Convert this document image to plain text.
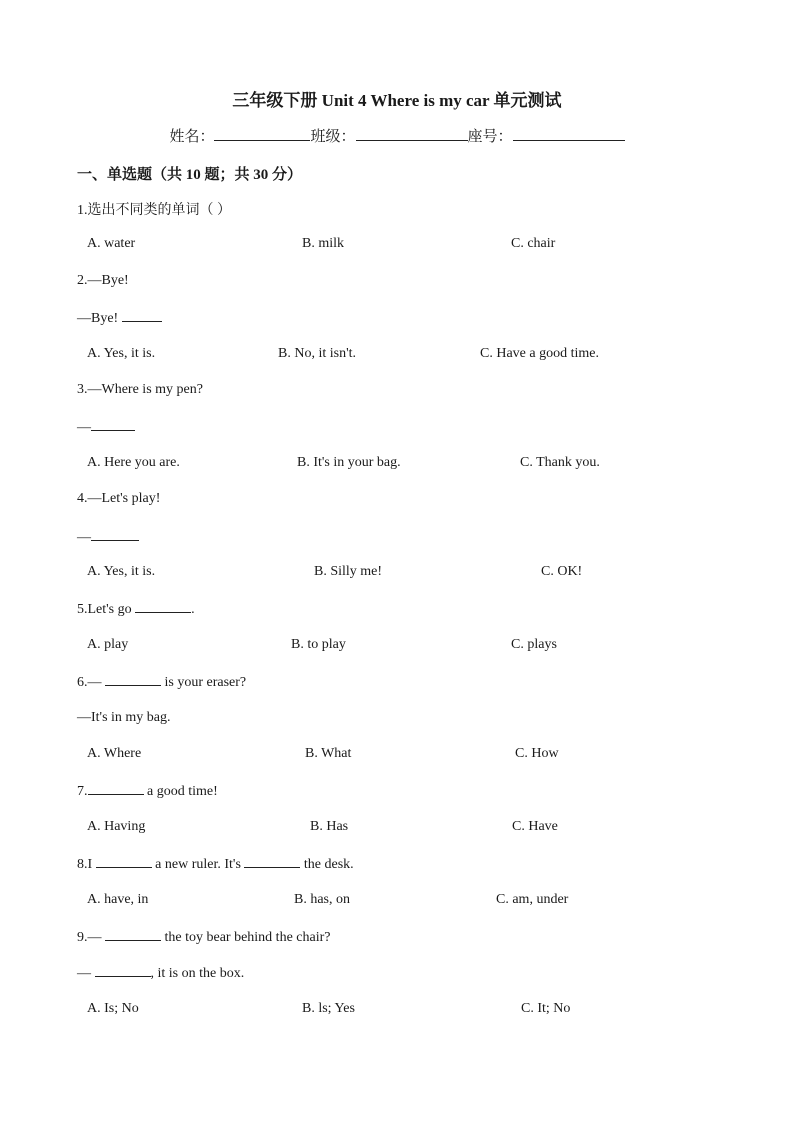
三年级下册 Unit 4 Where is my car 单元测试
姓名：	班级：	座号：
一、单选题（共 10 题；共 30 分）
1.选出不同类的单词（ ）
A. water	B. milk	C. chair
2.—Bye!
—Bye!
A. Yes, it is.	B. No, it isn't.	C. Have a good time.
3.—Where is my pen?
—
A. Here you are.	B. It's in your bag.	C. Thank you.
4.—Let's play!
—
A. Yes, it is.	B. Silly me!	C. OK!
5.Let's go	.
A. play	B. to play	C. plays
6.—	is your eraser?
—It's in my bag.
A. Where	B. What	C. How
7.	a good time!
A. Having	B. Has	C. Have
8.I	a new ruler. It's	the desk.
A. have, in	B. has, on	C. am, under
9.—	the toy bear behind the chair?
—	, it is on the box.
A. Is; No	B. ls; Yes	C. It; No
